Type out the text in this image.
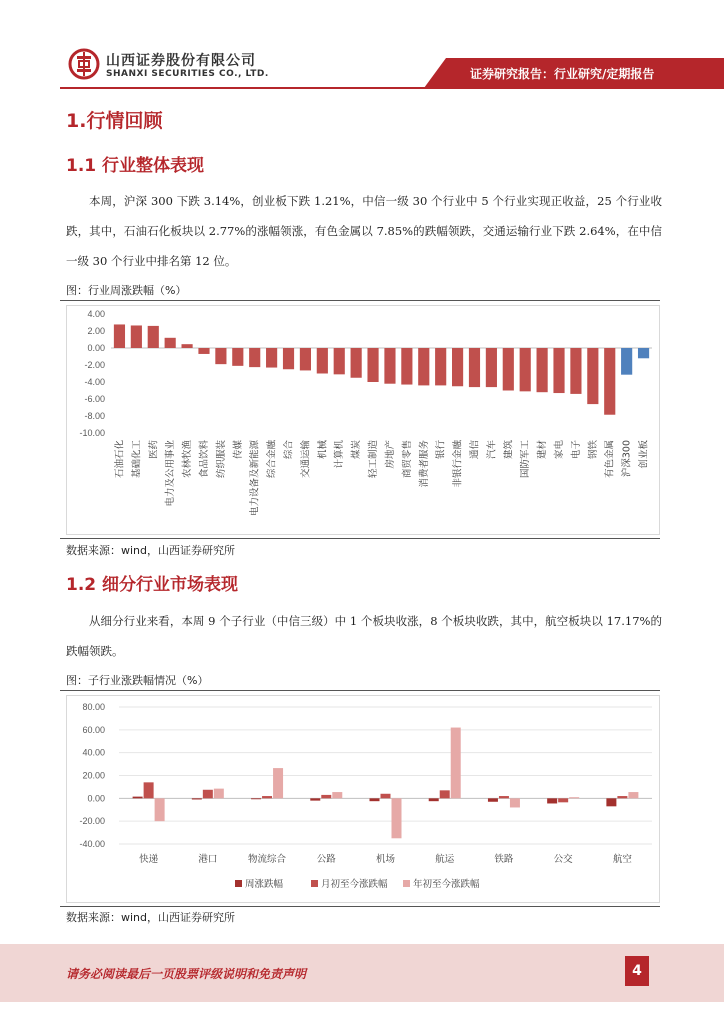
山西证券股份有限公司
SHANXI SECURITIES CO., LTD.	证券研究报告：行业研究/定期报告
1.行情回顾
1.1 行业整体表现
本周，沪深 300 下跌 3.14%，创业板下跌 1.21%，中信一级 30 个行业中 5 个行业实现正收益，25 个行业收跌，其中，石油石化板块以 2.77%的涨幅领涨，有色金属以 7.85%的跌幅领跌，交通运输行业下跌 2.64%，在中信一级 30 个行业中排名第 12 位。
图：行业周涨跌幅（%）
4.00
2.00
0.00
-2.00
-4.00
-6.00
-8.00
-10.00
石油石化 基础化工 医药 电力及公用事业 农林牧渔 食品饮料 纺织服装 传媒 电力设备及新能源 综合金融 综合 交通运输 机械 计算机 煤炭 轻工制造 房地产 商贸零售 消费者服务 银行 非银行金融 通信 汽车 建筑 国防军工 建材 家电 电子 钢铁 有色金属 沪深300 创业板
数据来源：wind，山西证券研究所
1.2 细分行业市场表现
从细分行业来看，本周 9 个子行业（中信三级）中 1 个板块收涨，8 个板块收跌，其中，航空板块以 17.17%的跌幅领跌。
图：子行业涨跌幅情况（%）
80.00
60.00
40.00
20.00
0.00
-20.00
-40.00
快递	港口	物流综合	公路	机场	航运	铁路	公交	航空
周涨跌幅	月初至今涨跌幅	年初至今涨跌幅
数据来源：wind，山西证券研究所
请务必阅读最后一页股票评级说明和免责声明	4
